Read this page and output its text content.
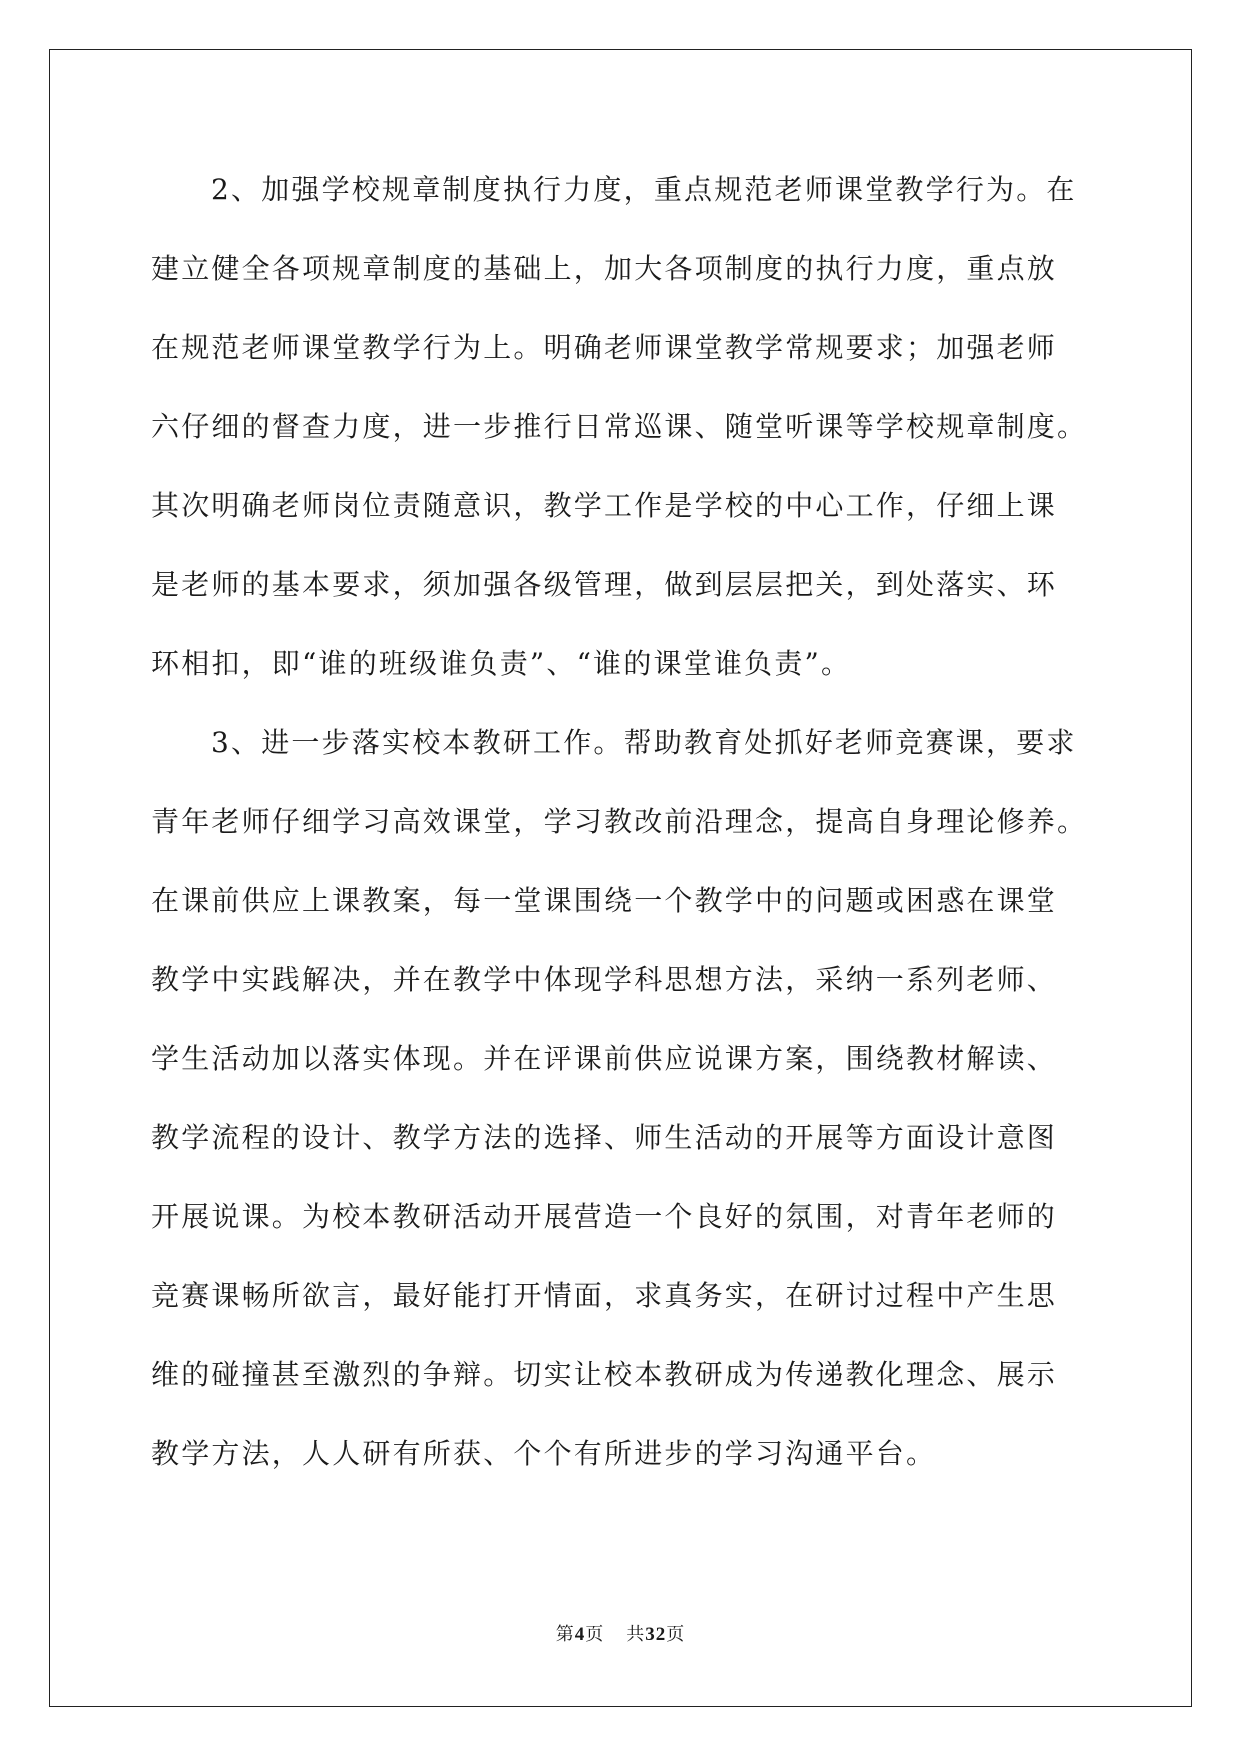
2、加强学校规章制度执行力度，重点规范老师课堂教学行为。在
建立健全各项规章制度的基础上，加大各项制度的执行力度，重点放
在规范老师课堂教学行为上。明确老师课堂教学常规要求；加强老师
六仔细的督查力度，进一步推行日常巡课、随堂听课等学校规章制度。
其次明确老师岗位责随意识，教学工作是学校的中心工作，仔细上课
是老师的基本要求，须加强各级管理，做到层层把关，到处落实、环
环相扣，即“谁的班级谁负责”、“谁的课堂谁负责”。

3、进一步落实校本教研工作。帮助教育处抓好老师竞赛课，要求
青年老师仔细学习高效课堂，学习教改前沿理念，提高自身理论修养。
在课前供应上课教案，每一堂课围绕一个教学中的问题或困惑在课堂
教学中实践解决，并在教学中体现学科思想方法，采纳一系列老师、
学生活动加以落实体现。并在评课前供应说课方案，围绕教材解读、
教学流程的设计、教学方法的选择、师生活动的开展等方面设计意图
开展说课。为校本教研活动开展营造一个良好的氛围，对青年老师的
竞赛课畅所欲言，最好能打开情面，求真务实，在研讨过程中产生思
维的碰撞甚至激烈的争辩。切实让校本教研成为传递教化理念、展示
教学方法，人人研有所获、个个有所进步的学习沟通平台。

第4页 共32页
